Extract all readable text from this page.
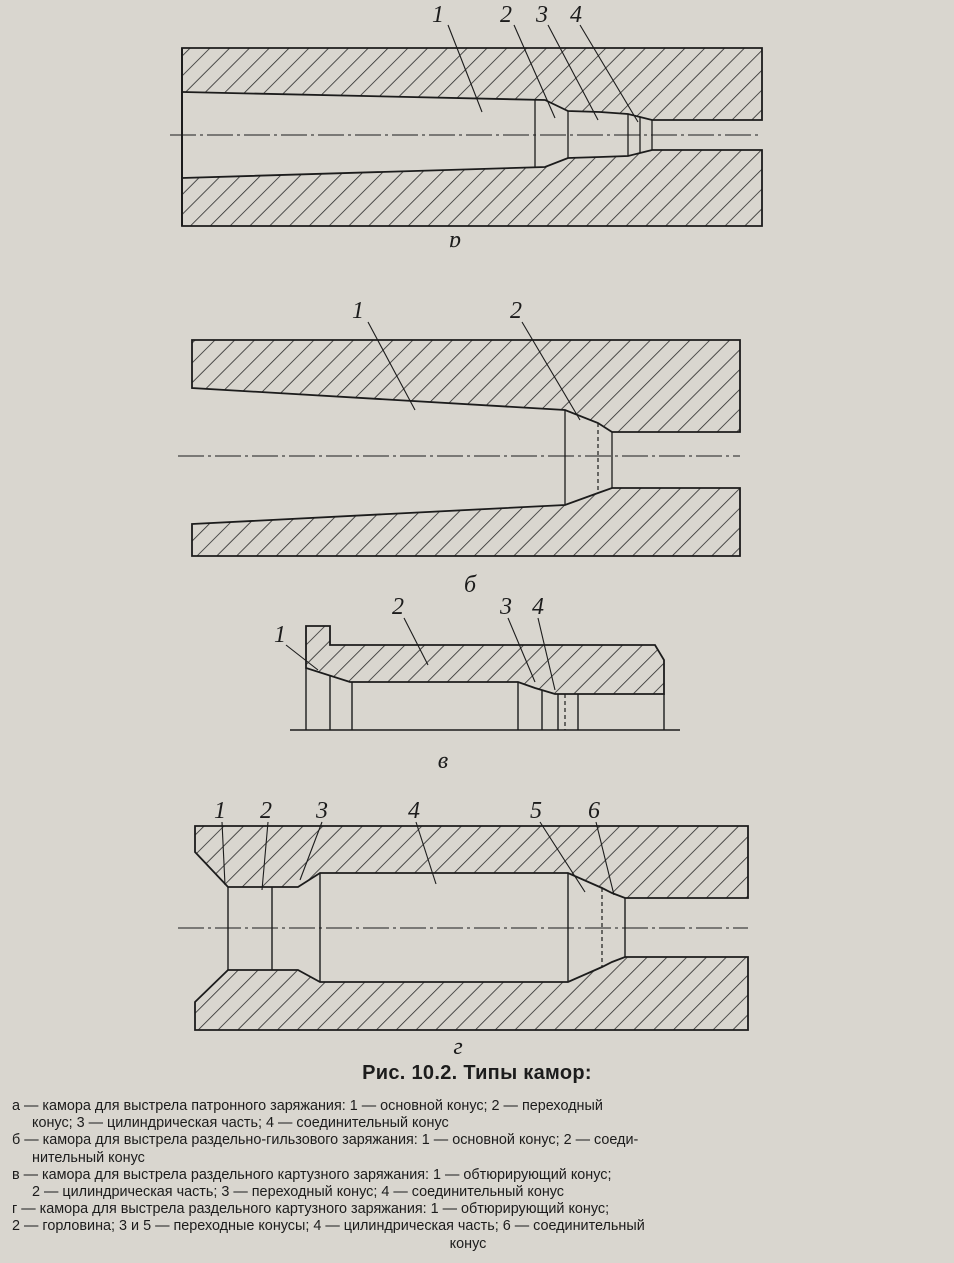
1 2 3 4
а
1	2
б
1
2	3 4
в
1 2 3	4	5 6
г
Рис. 10.2. Типы камор:

а — камора для выстрела патронного заряжания: 1 — основной конус; 2 — переходный
конус; 3 — цилиндрическая часть; 4 — соединительный конус

б — камора для выстрела раздельно-гильзового заряжания: 1 — основной конус; 2 — соеди-
нительный конус

в — камора для выстрела раздельного картузного заряжания: 1 — обтюрирующий конус;
2 — цилиндрическая часть; 3 — переходный конус; 4 — соединительный конус

г — камора для выстрела раздельного картузного заряжания: 1 — обтюрирующий конус;
2 — горловина; 3 и 5 — переходные конусы; 4 — цилиндрическая часть; 6 — соединительный
конус
